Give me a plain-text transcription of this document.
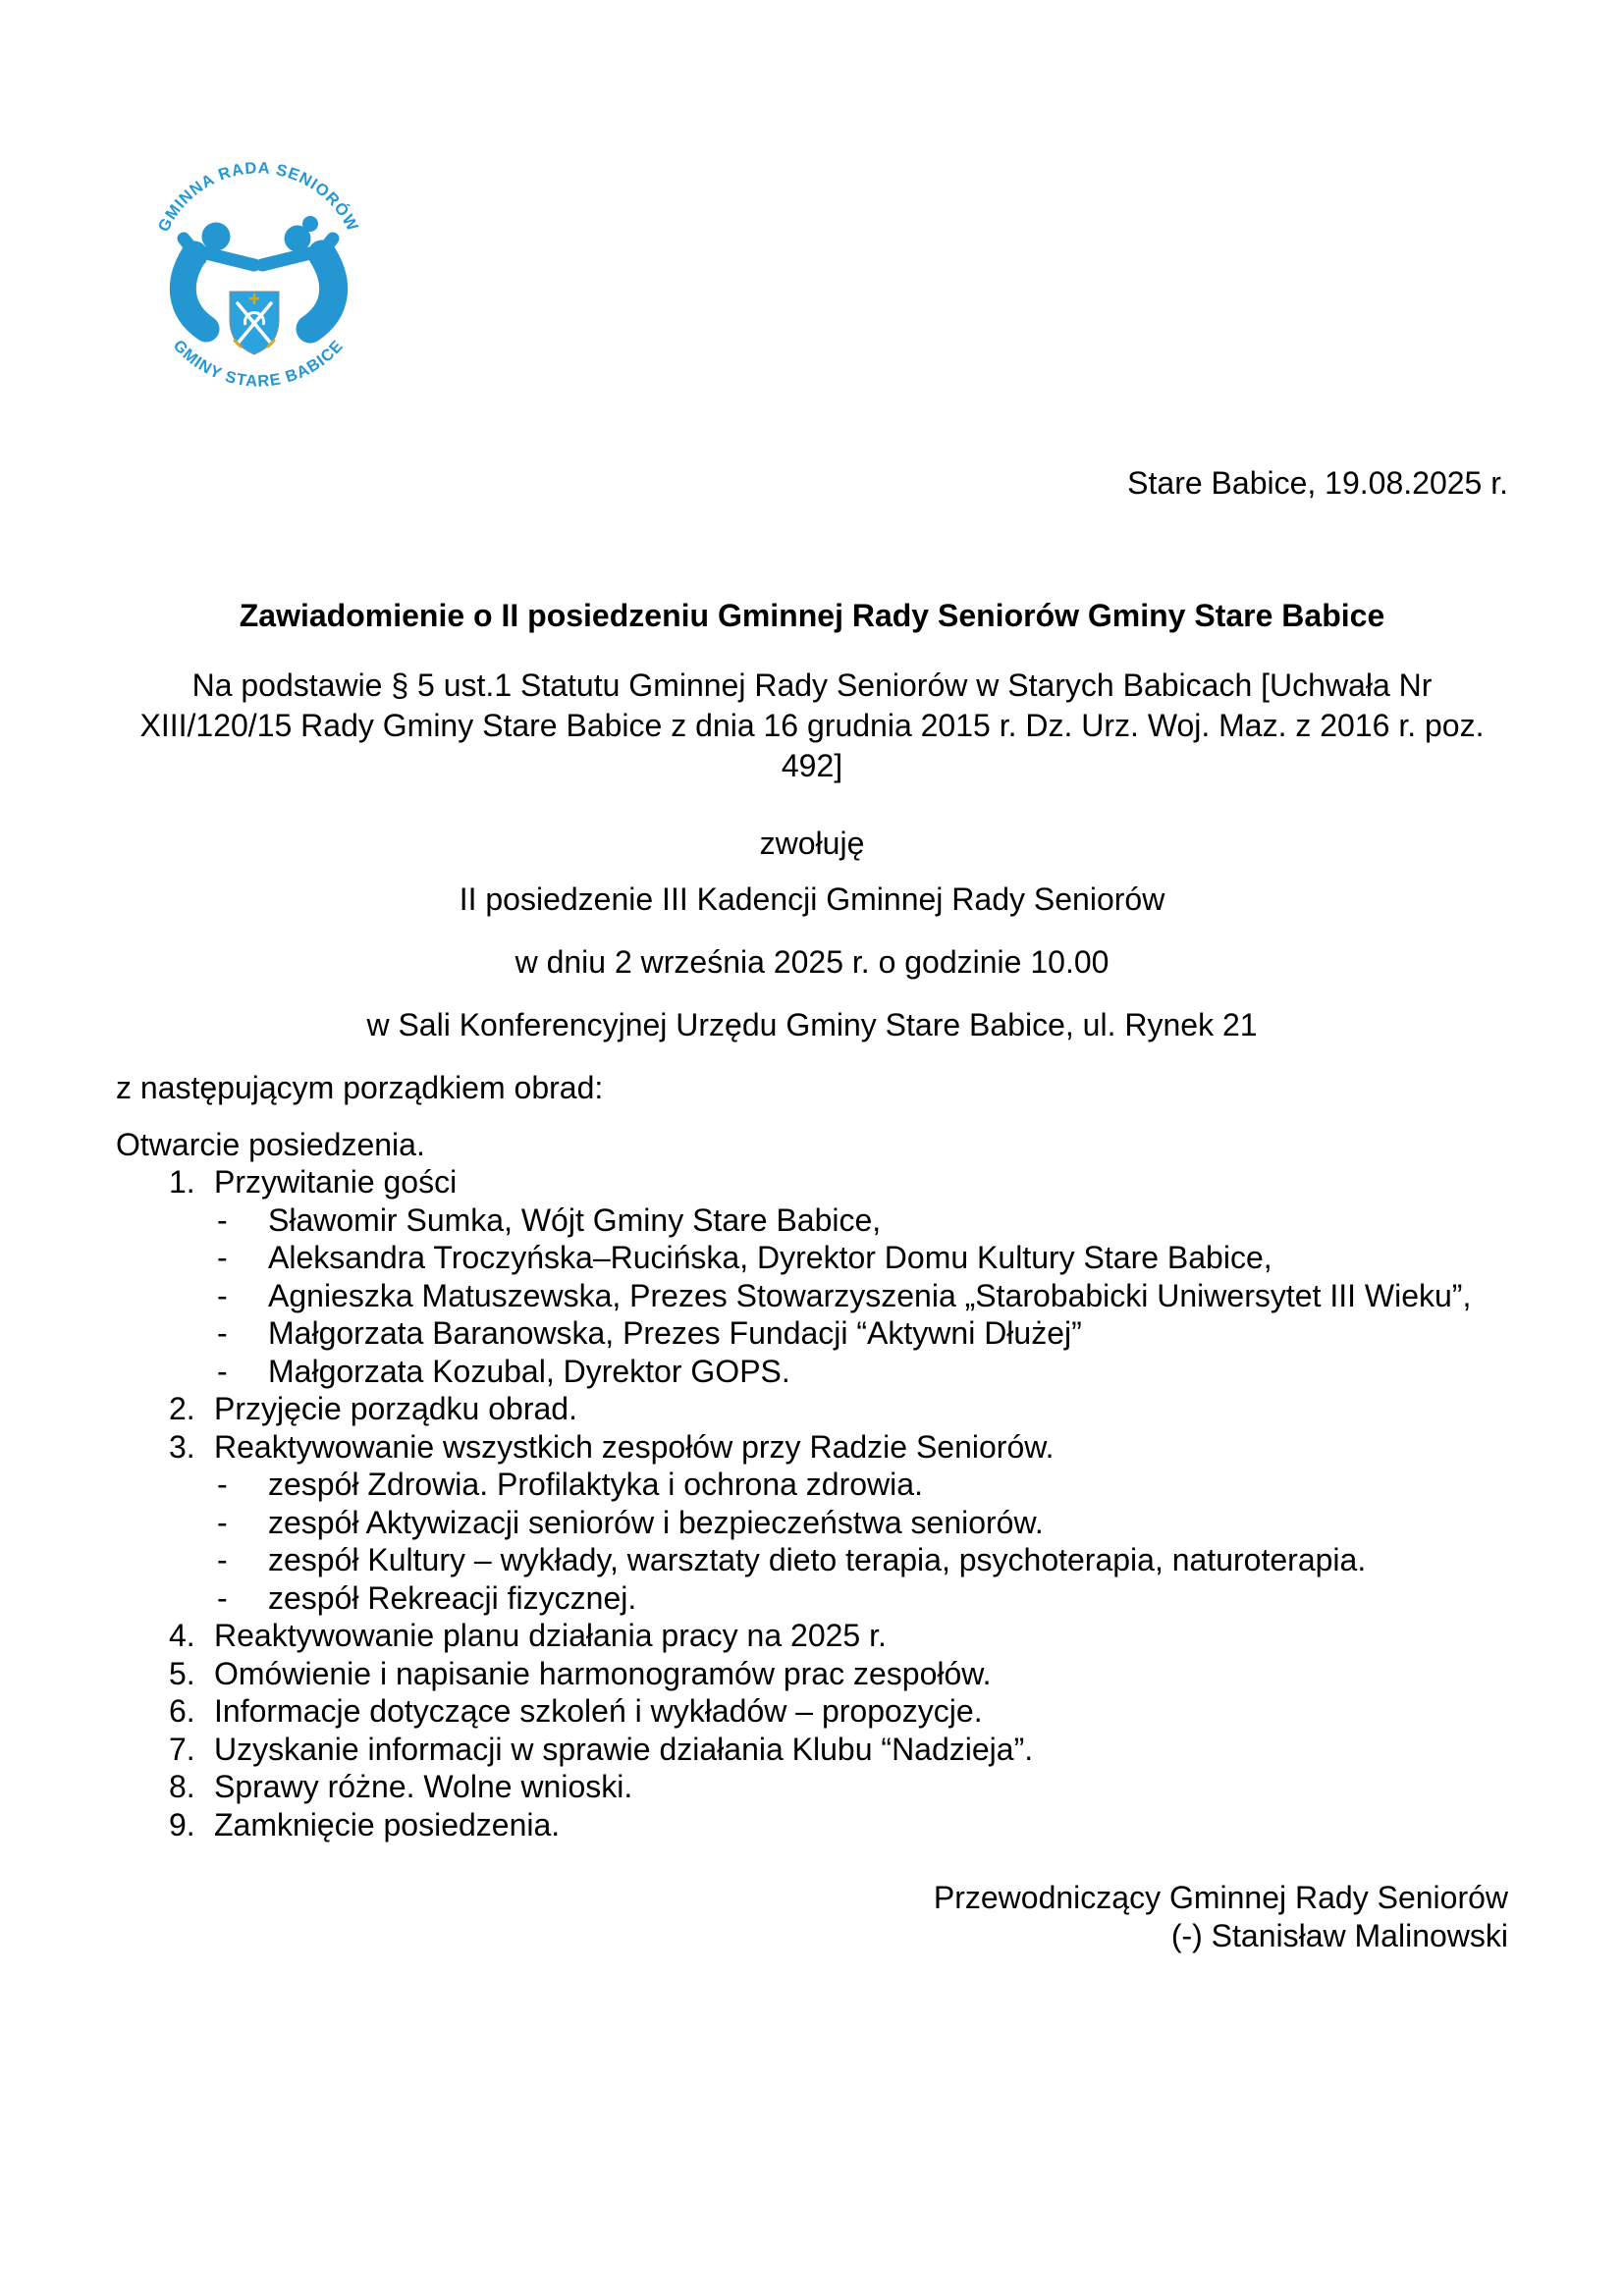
GMINNA RADA SENIORÓW
GMINY STARE BABICE
Stare Babice, 19.08.2025 r.
Zawiadomienie o II posiedzeniu Gminnej Rady Seniorów Gminy Stare Babice

Na podstawie § 5 ust.1 Statutu Gminnej Rady Seniorów w Starych Babicach [Uchwała Nr XIII/120/15 Rady Gminy Stare Babice z dnia 16 grudnia 2015 r. Dz. Urz. Woj. Maz. z 2016 r. poz. 492]

zwołuję

II posiedzenie III Kadencji Gminnej Rady Seniorów

w dniu 2 września 2025 r. o godzinie 10.00

w Sali Konferencyjnej Urzędu Gminy Stare Babice, ul. Rynek 21

z następującym porządkiem obrad:

Otwarcie posiedzenia.

Przywitanie gości
- Sławomir Sumka, Wójt Gminy Stare Babice,
- Aleksandra Troczyńska–Rucińska, Dyrektor Domu Kultury Stare Babice,
- Agnieszka Matuszewska, Prezes Stowarzyszenia „Starobabicki Uniwersytet III Wieku”,
- Małgorzata Baranowska, Prezes Fundacji “Aktywni Dłużej”
- Małgorzata Kozubal, Dyrektor GOPS.
Przyjęcie porządku obrad.
Reaktywowanie wszystkich zespołów przy Radzie Seniorów.
- zespół Zdrowia. Profilaktyka i ochrona zdrowia.
- zespół Aktywizacji seniorów i bezpieczeństwa seniorów.
- zespół Kultury – wykłady, warsztaty dieto terapia, psychoterapia, naturoterapia.
- zespół Rekreacji fizycznej.
Reaktywowanie planu działania pracy na 2025 r.
Omówienie i napisanie harmonogramów prac zespołów.
Informacje dotyczące szkoleń i wykładów – propozycje.
Uzyskanie informacji w sprawie działania Klubu “Nadzieja”.
Sprawy różne. Wolne wnioski.
Zamknięcie posiedzenia.
Przewodniczący Gminnej Rady Seniorów
(-) Stanisław Malinowski
